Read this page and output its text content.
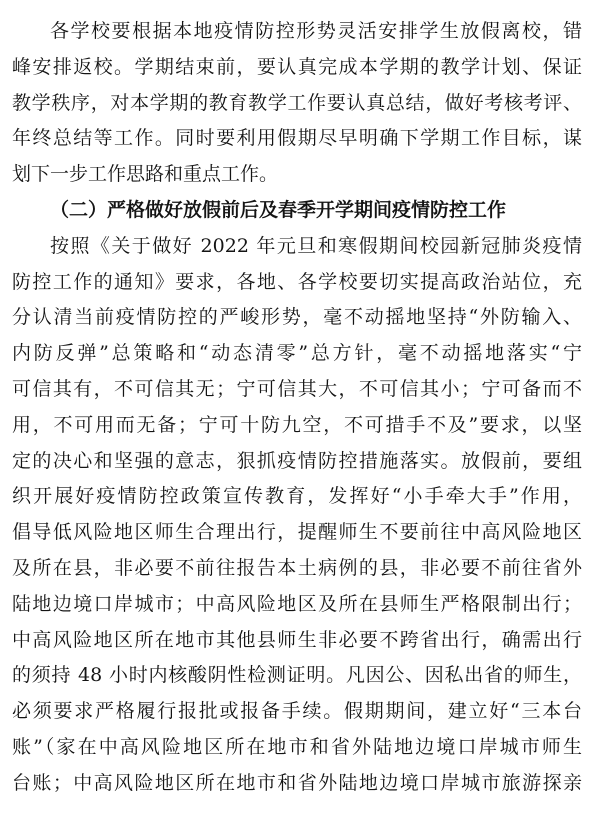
各学校要根据本地疫情防控形势灵活安排学生放假离校，错
峰安排返校。学期结束前，要认真完成本学期的教学计划、保证
教学秩序，对本学期的教育教学工作要认真总结，做好考核考评、
年终总结等工作。同时要利用假期尽早明确下学期工作目标，谋
划下一步工作思路和重点工作。
（二）严格做好放假前后及春季开学期间疫情防控工作
按照《关于做好 2022 年元旦和寒假期间校园新冠肺炎疫情
防控工作的通知》要求，各地、各学校要切实提高政治站位，充
分认清当前疫情防控的严峻形势，毫不动摇地坚持“外防输入、
内防反弹”总策略和“动态清零”总方针，毫不动摇地落实“宁
可信其有，不可信其无；宁可信其大，不可信其小；宁可备而不
用，不可用而无备；宁可十防九空，不可措手不及”要求，以坚
定的决心和坚强的意志，狠抓疫情防控措施落实。放假前，要组
织开展好疫情防控政策宣传教育，发挥好“小手牵大手”作用，
倡导低风险地区师生合理出行，提醒师生不要前往中高风险地区
及所在县，非必要不前往报告本土病例的县，非必要不前往省外
陆地边境口岸城市；中高风险地区及所在县师生严格限制出行；
中高风险地区所在地市其他县师生非必要不跨省出行，确需出行
的须持 48 小时内核酸阴性检测证明。凡因公、因私出省的师生，
必须要求严格履行报批或报备手续。假期期间，建立好“三本台
账”（家在中高风险地区所在地市和省外陆地边境口岸城市师生
台账；中高风险地区所在地市和省外陆地边境口岸城市旅游探亲
